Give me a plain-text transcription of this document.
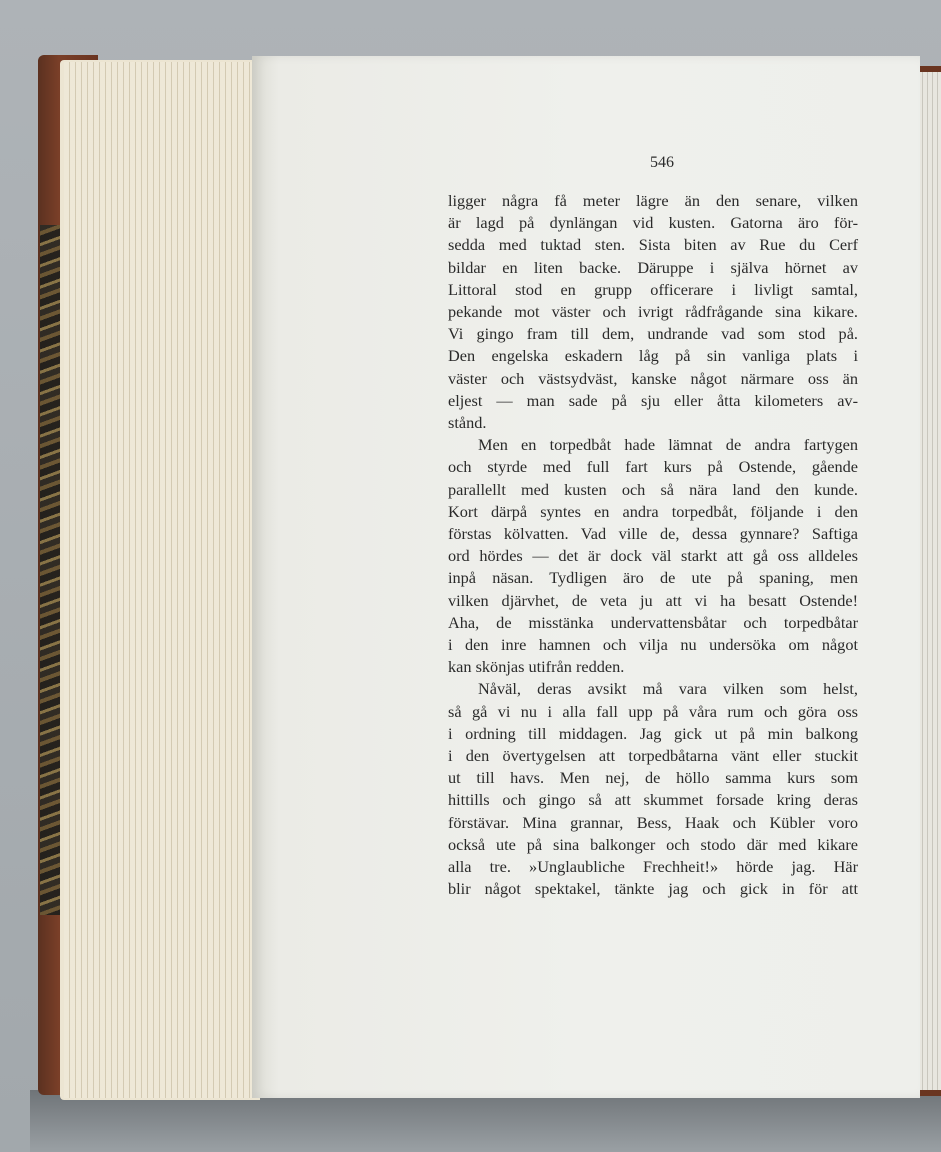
546
ligger några få meter lägre än den senare, vilken
är lagd på dynlängan vid kusten. Gatorna äro för-
sedda med tuktad sten. Sista biten av Rue du Cerf
bildar en liten backe. Däruppe i själva hörnet av
Littoral stod en grupp officerare i livligt samtal,
pekande mot väster och ivrigt rådfrågande sina kikare.
Vi gingo fram till dem, undrande vad som stod på.
Den engelska eskadern låg på sin vanliga plats i
väster och västsydväst, kanske något närmare oss än
eljest — man sade på sju eller åtta kilometers av-
stånd.
Men en torpedbåt hade lämnat de andra fartygen
och styrde med full fart kurs på Ostende, gående
parallellt med kusten och så nära land den kunde.
Kort därpå syntes en andra torpedbåt, följande i den
förstas kölvatten. Vad ville de, dessa gynnare? Saftiga
ord hördes — det är dock väl starkt att gå oss alldeles
inpå näsan. Tydligen äro de ute på spaning, men
vilken djärvhet, de veta ju att vi ha besatt Ostende!
Aha, de misstänka undervattensbåtar och torpedbåtar
i den inre hamnen och vilja nu undersöka om något
kan skönjas utifrån redden.
Nåväl, deras avsikt må vara vilken som helst,
så gå vi nu i alla fall upp på våra rum och göra oss
i ordning till middagen. Jag gick ut på min balkong
i den övertygelsen att torpedbåtarna vänt eller stuckit
ut till havs. Men nej, de höllo samma kurs som
hittills och gingo så att skummet forsade kring deras
förstävar. Mina grannar, Bess, Haak och Kübler voro
också ute på sina balkonger och stodo där med kikare
alla tre. »Unglaubliche Frechheit!» hörde jag. Här
blir något spektakel, tänkte jag och gick in för att
